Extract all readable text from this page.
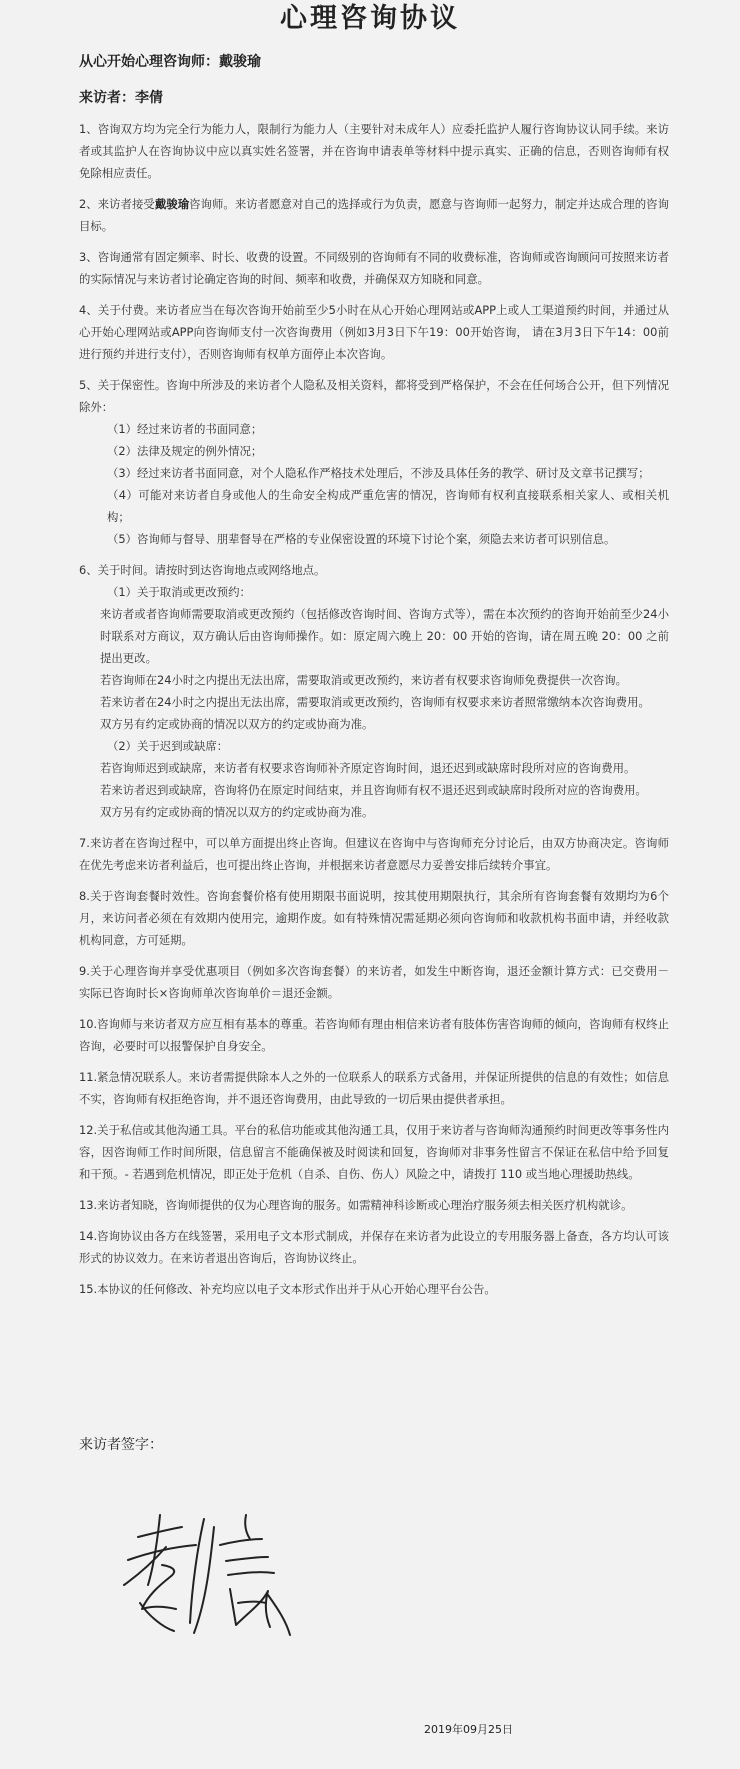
心理咨询协议
从心开始心理咨询师：戴骏瑜
来访者：李倩

1、咨询双方均为完全行为能力人，限制行为能力人（主要针对未成年人）应委托监护人履行咨询协议认同手续。来访者或其监护人在咨询协议中应以真实姓名签署，并在咨询申请表单等材料中提示真实、正确的信息，否则咨询师有权免除相应责任。

2、来访者接受戴骏瑜咨询师。来访者愿意对自己的选择或行为负责，愿意与咨询师一起努力，制定并达成合理的咨询目标。

3、咨询通常有固定频率、时长、收费的设置。不同级别的咨询师有不同的收费标准，咨询师或咨询顾问可按照来访者的实际情况与来访者讨论确定咨询的时间、频率和收费，并确保双方知晓和同意。

4、关于付费。来访者应当在每次咨询开始前至少5小时在从心开始心理网站或APP上或人工渠道预约时间，并通过从心开始心理网站或APP向咨询师支付一次咨询费用（例如3月3日下午19：00开始咨询， 请在3月3日下午14：00前进行预约并进行支付），否则咨询师有权单方面停止本次咨询。

5、关于保密性。咨询中所涉及的来访者个人隐私及相关资料，都将受到严格保护，不会在任何场合公开，但下列情况除外：

（1）经过来访者的书面同意；

（2）法律及规定的例外情况；

（3）经过来访者书面同意，对个人隐私作严格技术处理后，不涉及具体任务的教学、研讨及文章书记撰写；

（4）可能对来访者自身或他人的生命安全构成严重危害的情况，咨询师有权利直接联系相关家人、或相关机构；

（5）咨询师与督导、朋辈督导在严格的专业保密设置的环境下讨论个案，须隐去来访者可识别信息。

6、关于时间。请按时到达咨询地点或网络地点。

（1）关于取消或更改预约：

来访者或者咨询师需要取消或更改预约（包括修改咨询时间、咨询方式等），需在本次预约的咨询开始前至少24小时联系对方商议，双方确认后由咨询师操作。如：原定周六晚上 20：00 开始的咨询，请在周五晚 20：00 之前提出更改。

若咨询师在24小时之内提出无法出席，需要取消或更改预约，来访者有权要求咨询师免费提供一次咨询。

若来访者在24小时之内提出无法出席，需要取消或更改预约，咨询师有权要求来访者照常缴纳本次咨询费用。

双方另有约定或协商的情况以双方的约定或协商为准。

（2）关于迟到或缺席：

若咨询师迟到或缺席，来访者有权要求咨询师补齐原定咨询时间，退还迟到或缺席时段所对应的咨询费用。

若来访者迟到或缺席，咨询将仍在原定时间结束，并且咨询师有权不退还迟到或缺席时段所对应的咨询费用。

双方另有约定或协商的情况以双方的约定或协商为准。

7.来访者在咨询过程中，可以单方面提出终止咨询。但建议在咨询中与咨询师充分讨论后，由双方协商决定。咨询师在优先考虑来访者利益后，也可提出终止咨询，并根据来访者意愿尽力妥善安排后续转介事宜。

8.关于咨询套餐时效性。咨询套餐价格有使用期限书面说明，按其使用期限执行，其余所有咨询套餐有效期均为6个月，来访问者必须在有效期内使用完，逾期作废。如有特殊情况需延期必须向咨询师和收款机构书面申请，并经收款机构同意，方可延期。

9.关于心理咨询并享受优惠项目（例如多次咨询套餐）的来访者，如发生中断咨询，退还金额计算方式：已交费用－实际已咨询时长×咨询师单次咨询单价＝退还金额。

10.咨询师与来访者双方应互相有基本的尊重。若咨询师有理由相信来访者有肢体伤害咨询师的倾向，咨询师有权终止咨询，必要时可以报警保护自身安全。

11.紧急情况联系人。来访者需提供除本人之外的一位联系人的联系方式备用，并保证所提供的信息的有效性；如信息不实，咨询师有权拒绝咨询，并不退还咨询费用，由此导致的一切后果由提供者承担。

12.关于私信或其他沟通工具。平台的私信功能或其他沟通工具，仅用于来访者与咨询师沟通预约时间更改等事务性内容，因咨询师工作时间所限，信息留言不能确保被及时阅读和回复，咨询师对非事务性留言不保证在私信中给予回复和干预。- 若遇到危机情况，即正处于危机（自杀、自伤、伤人）风险之中，请拨打 110 或当地心理援助热线。

13.来访者知晓，咨询师提供的仅为心理咨询的服务。如需精神科诊断或心理治疗服务须去相关医疗机构就诊。

14.咨询协议由各方在线签署，采用电子文本形式制成，并保存在来访者为此设立的专用服务器上备查，各方均认可该形式的协议效力。在来访者退出咨询后，咨询协议终止。

15.本协议的任何修改、补充均应以电子文本形式作出并于从心开始心理平台公告。

来访者签字：
2019年09月25日
